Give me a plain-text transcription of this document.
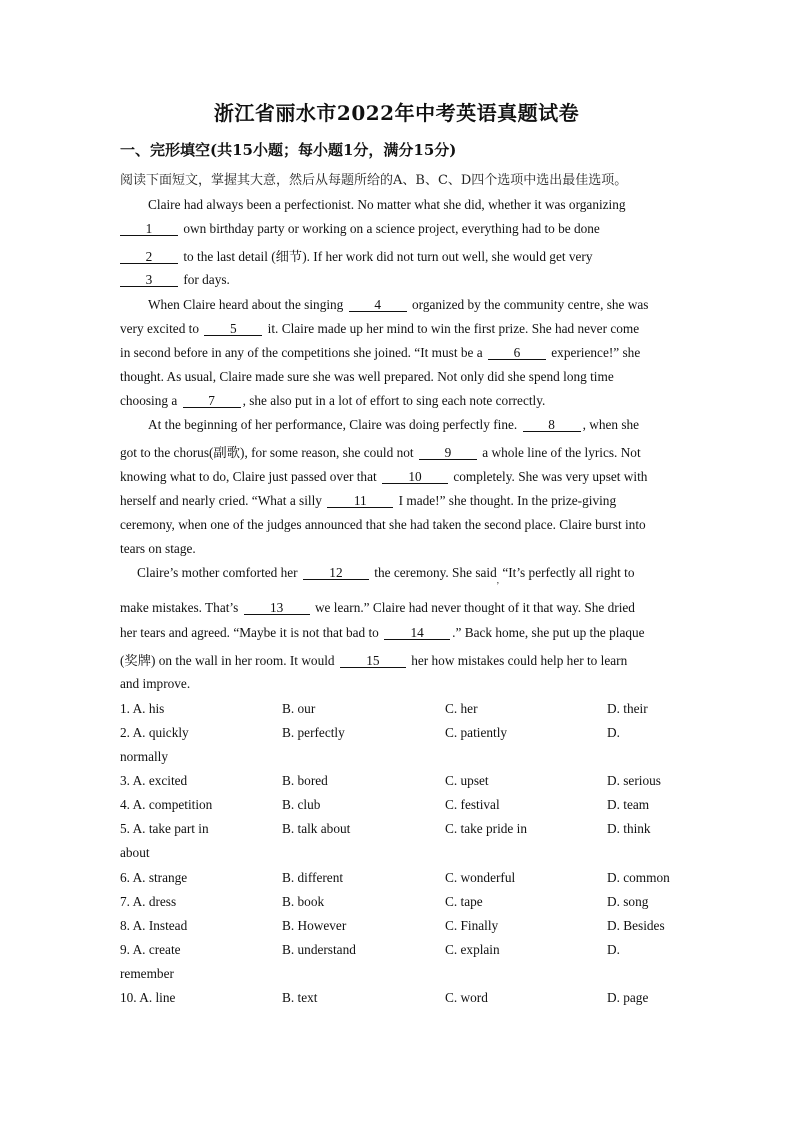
浙江省丽水市2022年中考英语真题试卷
一、完形填空(共15小题；每小题1分，满分15分)
阅读下面短文，掌握其大意，然后从每题所给的A、B、C、D四个选项中选出最佳选项。
Claire had always been a perfectionist. No matter what she did, whether it was organizing
1 own birthday party or working on a science project, everything had to be done
2 to the last detail (细节). If her work did not turn out well, she would get very
3 for days.
When Claire heard about the singing 4 organized by the community centre, she was
very excited to 5 it. Claire made up her mind to win the first prize. She had never come
in second before in any of the competitions she joined. “It must be a 6 experience!” she
thought. As usual, Claire made sure she was well prepared. Not only did she spend long time
choosing a 7 , she also put in a lot of effort to sing each note correctly.
At the beginning of her performance, Claire was doing perfectly fine. 8 , when she
got to the chorus(副歌), for some reason, she could not 9 a whole line of the lyrics. Not
knowing what to do, Claire just passed over that 10 completely. She was very upset with
herself and nearly cried. “What a silly 11 I made!” she thought. In the prize-giving
ceremony, when one of the judges announced that she had taken the second place. Claire burst into
tears on stage.
Claire’s mother comforted her 12 the ceremony. She said$_,$ “It’s perfectly all right to
make mistakes. That’s 13 we learn.” Claire had never thought of it that way. She dried
her tears and agreed. “Maybe it is not that bad to 14 .” Back home, she put up the plaque
(奖牌) on the wall in her room. It would 15 her how mistakes could help her to learn
and improve.
1. A. his	B. our	C. her	D. their
2. A. quickly	B. perfectly	C. patiently	D.
normally
3. A. excited	B. bored	C. upset	D. serious
4. A. competition	B. club	C. festival	D. team
5. A. take part in	B. talk about	C. take pride in	D. think
about
6. A. strange	B. different	C. wonderful	D. common
7. A. dress	B. book	C. tape	D. song
8. A. Instead	B. However	C. Finally	D. Besides
9. A. create	B. understand	C. explain	D.
remember
10. A. line	B. text	C. word	D. page
